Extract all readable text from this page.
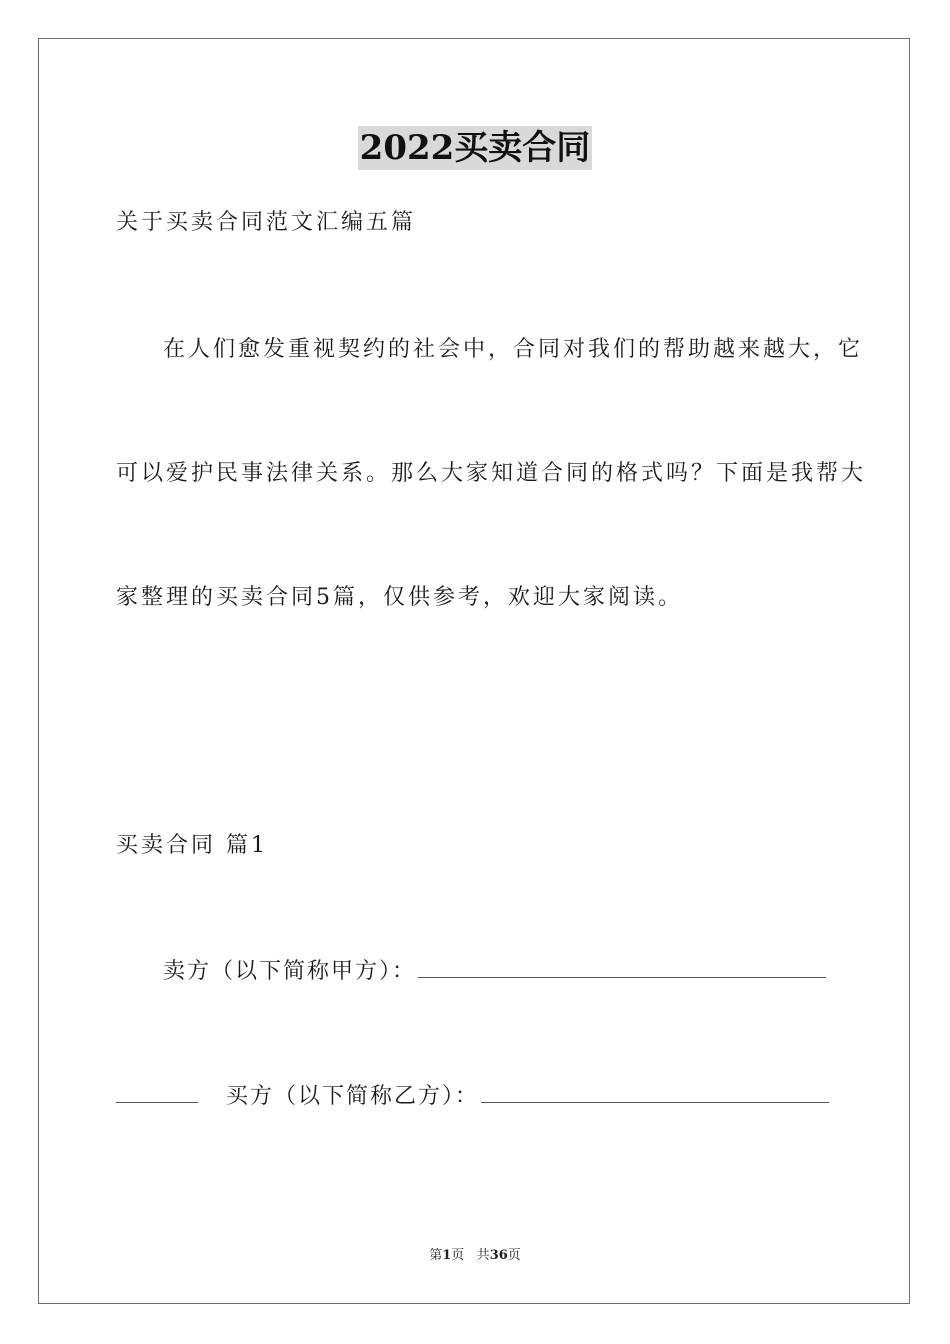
2022买卖合同
关于买卖合同范文汇编五篇
在人们愈发重视契约的社会中，合同对我们的帮助越来越大，它
可以爱护民事法律关系。那么大家知道合同的格式吗？下面是我帮大
家整理的买卖合同5篇，仅供参考，欢迎大家阅读。
买卖合同 篇1
卖方（以下简称甲方）：
买方（以下简称乙方）：
第1页 共36页
